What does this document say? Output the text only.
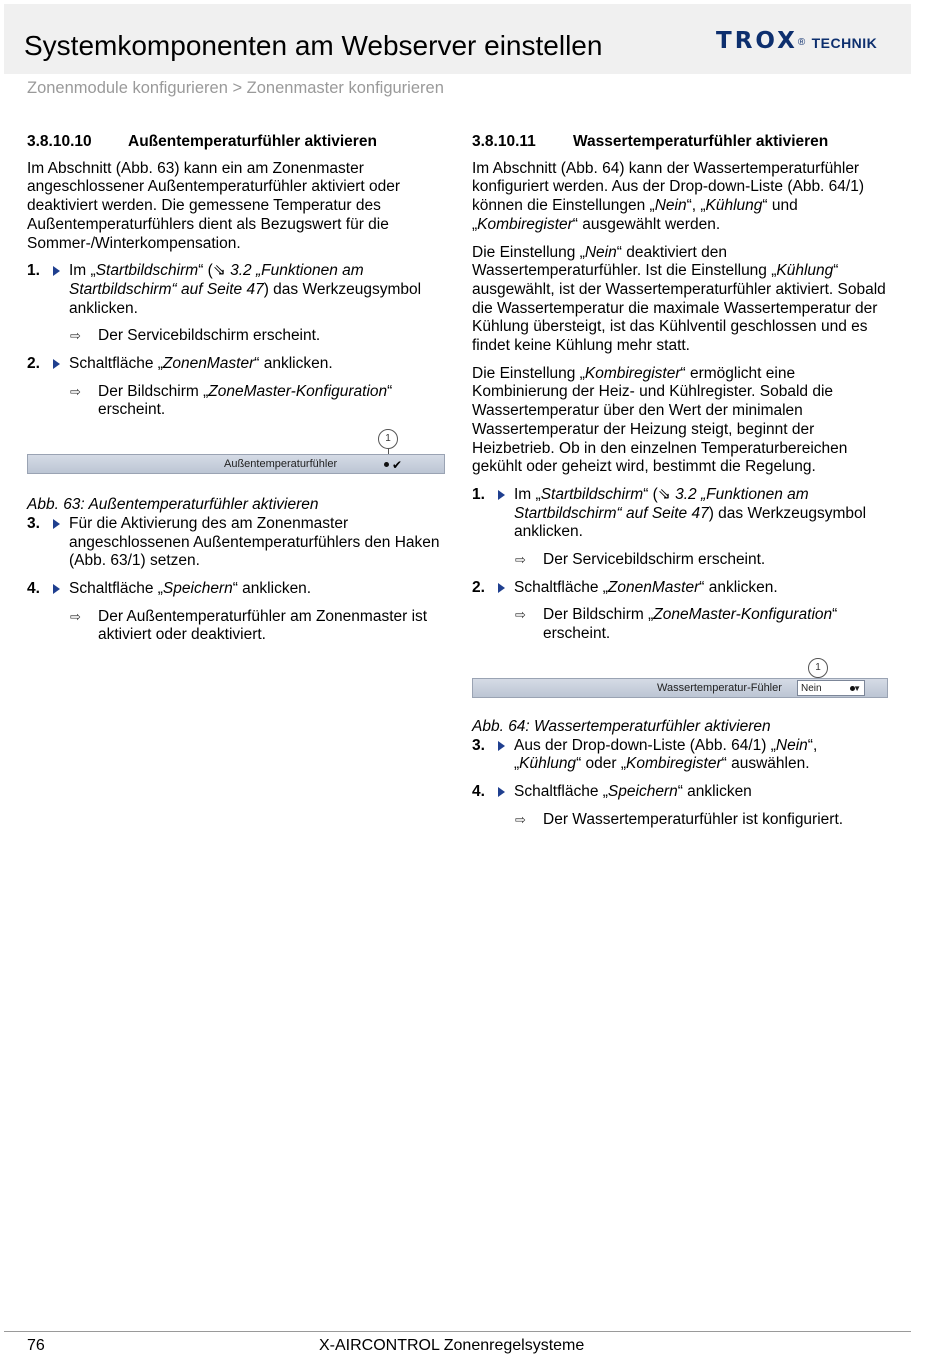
Systemkomponenten am Webserver einstellen
Zonenmodule konfigurieren > Zonenmaster konfigurieren
TROX® TECHNIK
3.8.10.10 Außentemperaturfühler aktivieren

Im Abschnitt (Abb. 63) kann ein am Zonenmaster angeschlossener Außentemperaturfühler aktiviert oder deaktiviert werden. Die gemessene Temperatur des Außentemperaturfühlers dient als Bezugswert für die Sommer-/Winterkompensation.

1. Im „Startbildschirm“ (⇘ 3.2 „Funktionen am Startbildschirm“ auf Seite 47) das Werkzeugsymbol anklicken.
⇨ Der Servicebildschirm erscheint.
2. Schaltfläche „ZonenMaster“ anklicken.
⇨ Der Bildschirm „ZoneMaster-Konfiguration“ erscheint.
1
Außentemperaturfühler	✔

Abb. 63: Außentemperaturfühler aktivieren

3. Für die Aktivierung des am Zonenmaster angeschlossenen Außentemperaturfühlers den Haken (Abb. 63/1) setzen.
4. Schaltfläche „Speichern“ anklicken.
⇨ Der Außentemperaturfühler am Zonenmaster ist aktiviert oder deaktiviert.
3.8.10.11 Wassertemperaturfühler aktivieren

Im Abschnitt (Abb. 64) kann der Wassertemperaturfühler konfiguriert werden. Aus der Drop-down-Liste (Abb. 64/1) können die Einstellungen „Nein“, „Kühlung“ und „Kombiregister“ ausgewählt werden.

Die Einstellung „Nein“ deaktiviert den Wassertemperaturfühler. Ist die Einstellung „Kühlung“ ausgewählt, ist der Wassertemperaturfühler aktiviert. Sobald die Wassertemperatur die maximale Wassertemperatur der Kühlung übersteigt, ist das Kühlventil geschlossen und es findet keine Kühlung mehr statt.

Die Einstellung „Kombiregister“ ermöglicht eine Kombinierung der Heiz- und Kühlregister. Sobald die Wassertemperatur über den Wert der minimalen Wassertemperatur der Heizung steigt, beginnt der Heizbetrieb. Ob in den einzelnen Temperaturbereichen gekühlt oder geheizt wird, bestimmt die Regelung.

1. Im „Startbildschirm“ (⇘ 3.2 „Funktionen am Startbildschirm“ auf Seite 47) das Werkzeugsymbol anklicken.
⇨ Der Servicebildschirm erscheint.
2. Schaltfläche „ZonenMaster“ anklicken.
⇨ Der Bildschirm „ZoneMaster-Konfiguration“ erscheint.
1
Wassertemperatur-Fühler	Nein	▼

Abb. 64: Wassertemperaturfühler aktivieren

3. Aus der Drop-down-Liste (Abb. 64/1) „Nein“, „Kühlung“ oder „Kombiregister“ auswählen.
4. Schaltfläche „Speichern“ anklicken
⇨ Der Wassertemperaturfühler ist konfiguriert.
76	X-AIRCONTROL Zonenregelsysteme
